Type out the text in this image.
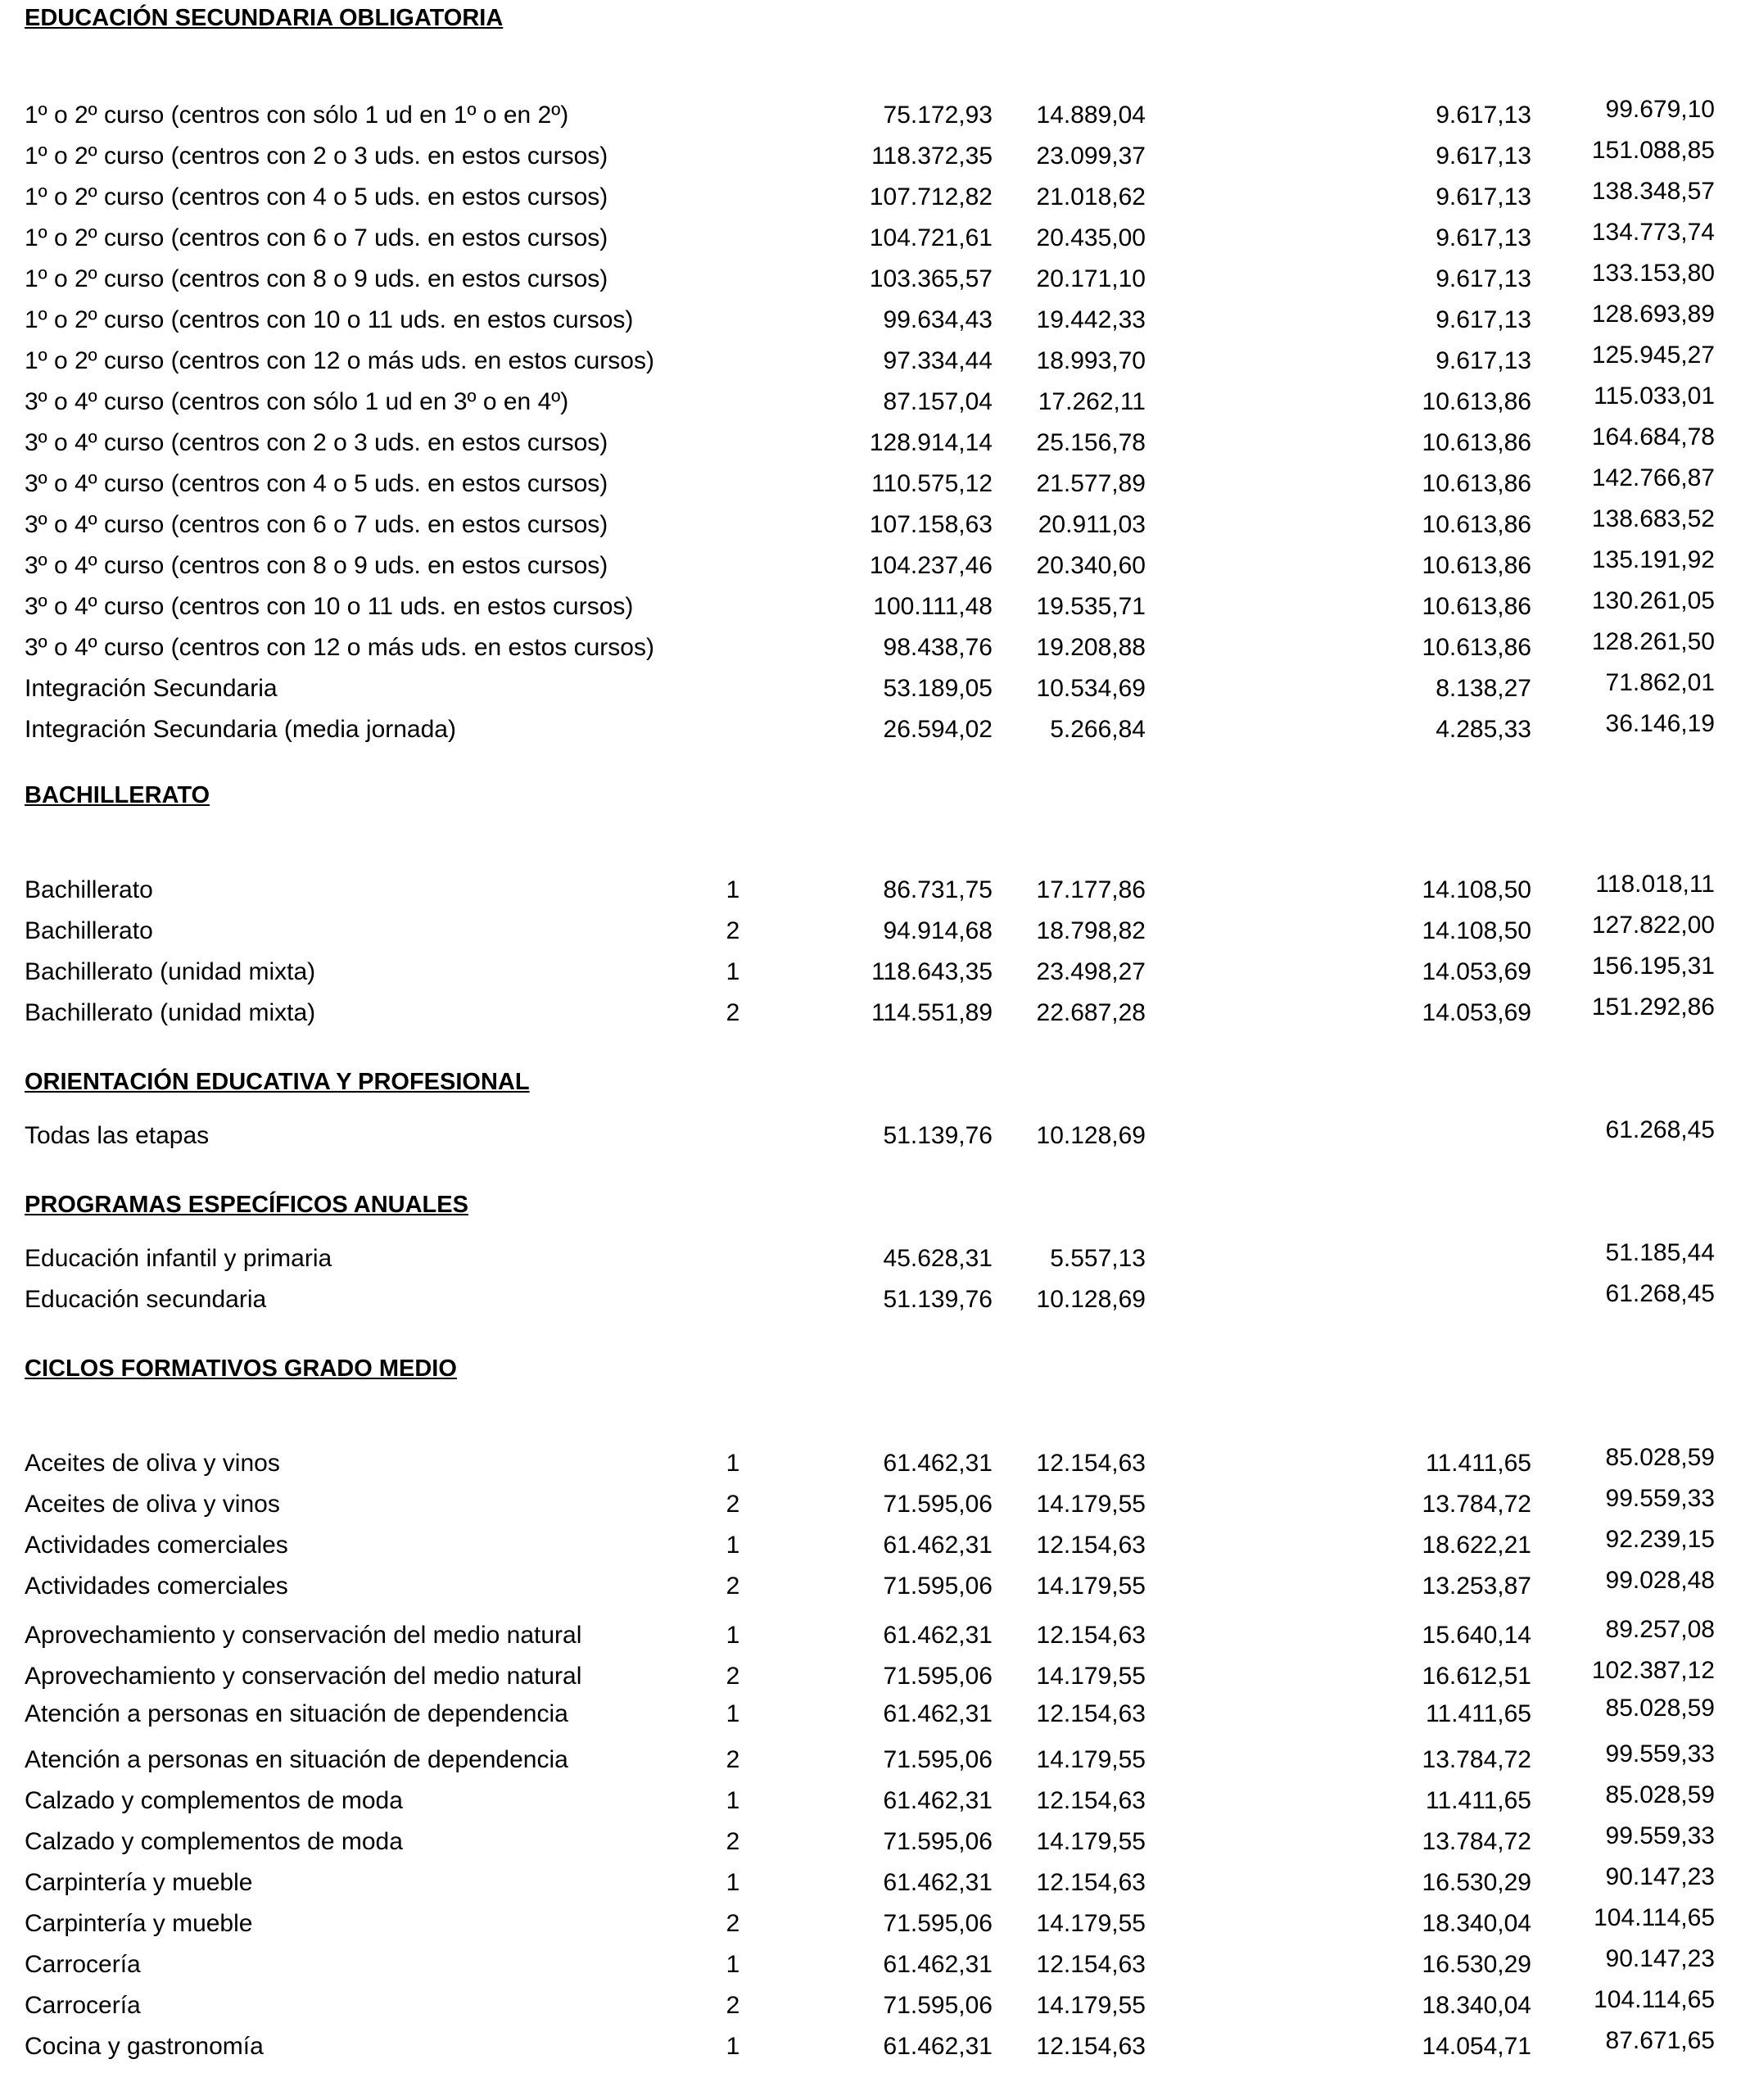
EDUCACIÓN SECUNDARIA OBLIGATORIA
1º o 2º curso (centros con sólo 1 ud en 1º o en 2º)	75.172,93 14.889,04	9.617,13	99.679,10
1º o 2º curso (centros con 2 o 3 uds. en estos cursos)	118.372,35 23.099,37	9.617,13 151.088,85
1º o 2º curso (centros con 4 o 5 uds. en estos cursos)	107.712,82 21.018,62	9.617,13 138.348,57
1º o 2º curso (centros con 6 o 7 uds. en estos cursos)	104.721,61 20.435,00	9.617,13 134.773,74
1º o 2º curso (centros con 8 o 9 uds. en estos cursos)	103.365,57 20.171,10	9.617,13 133.153,80
1º o 2º curso (centros con 10 o 11 uds. en estos cursos)	99.634,43 19.442,33	9.617,13 128.693,89
1º o 2º curso (centros con 12 o más uds. en estos cursos)	97.334,44 18.993,70	9.617,13 125.945,27
3º o 4º curso (centros con sólo 1 ud en 3º o en 4º)	87.157,04 17.262,11	10.613,86	115.033,01
3º o 4º curso (centros con 2 o 3 uds. en estos cursos)	128.914,14 25.156,78	10.613,86 164.684,78
3º o 4º curso (centros con 4 o 5 uds. en estos cursos)	110.575,12 21.577,89	10.613,86 142.766,87
3º o 4º curso (centros con 6 o 7 uds. en estos cursos)	107.158,63 20.911,03	10.613,86 138.683,52
3º o 4º curso (centros con 8 o 9 uds. en estos cursos)	104.237,46 20.340,60	10.613,86 135.191,92
3º o 4º curso (centros con 10 o 11 uds. en estos cursos)	100.111,48 19.535,71	10.613,86 130.261,05
3º o 4º curso (centros con 12 o más uds. en estos cursos)	98.438,76 19.208,88	10.613,86 128.261,50
Integración Secundaria	53.189,05 10.534,69	8.138,27	71.862,01
Integración Secundaria (media jornada)	26.594,02 5.266,84	4.285,33	36.146,19
BACHILLERATO
Bachillerato	1	86.731,75 17.177,86	14.108,50	118.018,11
Bachillerato	2	94.914,68 18.798,82	14.108,50 127.822,00
Bachillerato (unidad mixta)	1	118.643,35 23.498,27	14.053,69 156.195,31
Bachillerato (unidad mixta)	2	114.551,89 22.687,28	14.053,69 151.292,86
ORIENTACIÓN EDUCATIVA Y PROFESIONAL
Todas las etapas	51.139,76 10.128,69	61.268,45
PROGRAMAS ESPECÍFICOS ANUALES
Educación infantil y primaria	45.628,31 5.557,13	51.185,44
Educación secundaria	51.139,76 10.128,69	61.268,45
CICLOS FORMATIVOS GRADO MEDIO
Aceites de oliva y vinos	1	61.462,31 12.154,63	11.411,65	85.028,59
Aceites de oliva y vinos	2	71.595,06 14.179,55	13.784,72	99.559,33
Actividades comerciales	1	61.462,31 12.154,63	18.622,21	92.239,15
Actividades comerciales	2	71.595,06 14.179,55	13.253,87	99.028,48
Aprovechamiento y conservación del medio natural	1	61.462,31 12.154,63	15.640,14	89.257,08
Aprovechamiento y conservación del medio natural	2	71.595,06 14.179,55	16.612,51 102.387,12
Atención a personas en situación de dependencia	1	61.462,31 12.154,63	11.411,65	85.028,59
Atención a personas en situación de dependencia	2	71.595,06 14.179,55	13.784,72	99.559,33
Calzado y complementos de moda	1	61.462,31 12.154,63	11.411,65	85.028,59
Calzado y complementos de moda	2	71.595,06 14.179,55	13.784,72	99.559,33
Carpintería y mueble	1	61.462,31 12.154,63	16.530,29	90.147,23
Carpintería y mueble	2	71.595,06 14.179,55	18.340,04	104.114,65
Carrocería	1	61.462,31 12.154,63	16.530,29	90.147,23
Carrocería	2	71.595,06 14.179,55	18.340,04	104.114,65
Cocina y gastronomía	1	61.462,31 12.154,63	14.054,71	87.671,65
